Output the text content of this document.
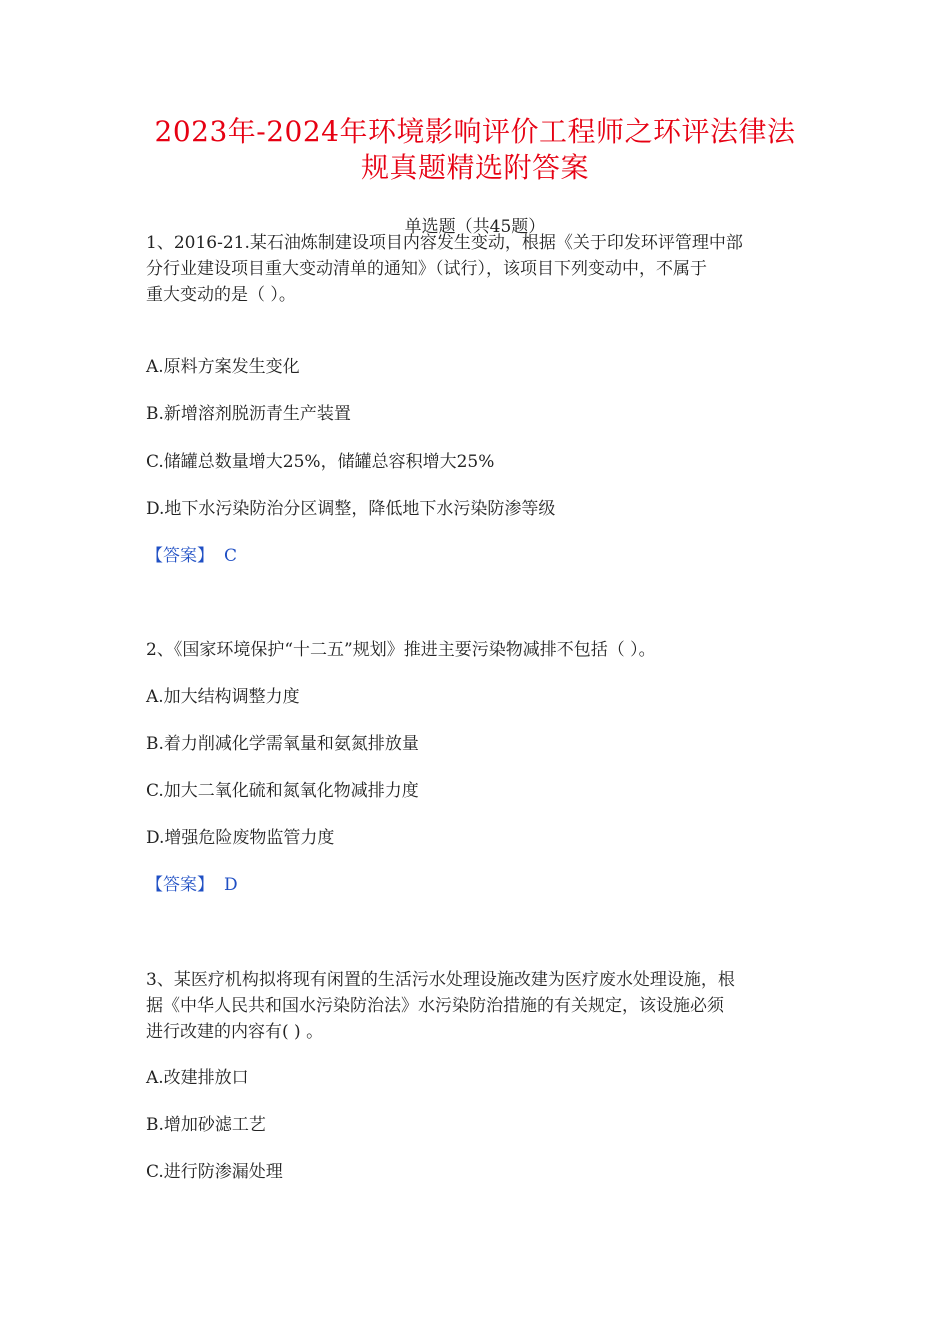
2023年-2024年环境影响评价工程师之环评法律法
规真题精选附答案
单选题（共45题）
1、2016-21.某石油炼制建设项目内容发生变动，根据《关于印发环评管理中部
分行业建设项目重大变动清单的通知》（试行），该项目下列变动中，不属于
重大变动的是（ ）。
A.原料方案发生变化
B.新增溶剂脱沥青生产装置
C.储罐总数量增大25%，储罐总容积增大25%
D.地下水污染防治分区调整，降低地下水污染防渗等级
【答案】 C
2、《国家环境保护“十二五”规划》推进主要污染物减排不包括（ ）。
A.加大结构调整力度
B.着力削减化学需氧量和氨氮排放量
C.加大二氧化硫和氮氧化物减排力度
D.增强危险废物监管力度
【答案】 D
3、某医疗机构拟将现有闲置的生活污水处理设施改建为医疗废水处理设施，根
据《中华人民共和国水污染防治法》水污染防治措施的有关规定，该设施必须
进行改建的内容有( ) 。
A.改建排放口
B.增加砂滤工艺
C.进行防渗漏处理
